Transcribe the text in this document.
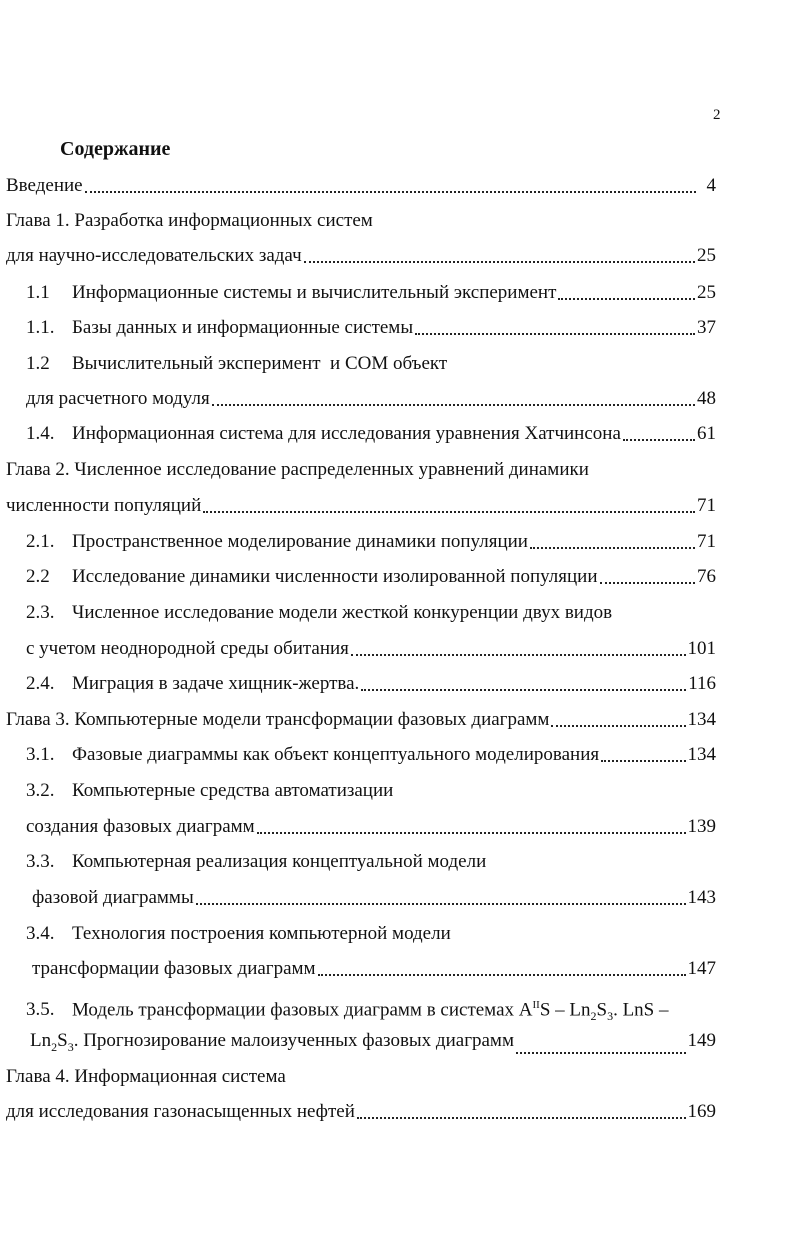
2
Содержание
Введение	4
Глава 1. Разработка информационных систем
для научно-исследовательских задач	25
1.1	Информационные системы и вычислительный эксперимент	25
1.1. Базы данных и информационные системы	37
1.2	Вычислительный эксперимент  и СОМ объект
для расчетного модуля	48
1.4. Информационная система для исследования уравнения Хатчинсона	61
Глава 2. Численное исследование распределенных уравнений динамики
численности популяций	71
2.1. Пространственное моделирование динамики популяции	71
2.2	Исследование динамики численности изолированной популяции	76
2.3. Численное исследование модели жесткой конкуренции двух видов
с учетом неоднородной среды обитания	101
2.4. Миграция в задаче хищник-жертва.	116
Глава 3. Компьютерные модели трансформации фазовых диаграмм	134
3.1. Фазовые диаграммы как объект концептуального моделирования	134
3.2. Компьютерные средства автоматизации
создания фазовых диаграмм	139
3.3. Компьютерная реализация концептуальной модели
фазовой диаграммы	143
3.4. Технология построения компьютерной модели
трансформации фазовых диаграмм	147
3.5. Модель трансформации фазовых диаграмм в системах $A^{II}S - Ln_2S_3$. LnS –
$Ln_2S_3$. Прогнозирование малоизученных фазовых диаграмм	149
Глава 4. Информационная система
для исследования газонасыщенных нефтей	169
